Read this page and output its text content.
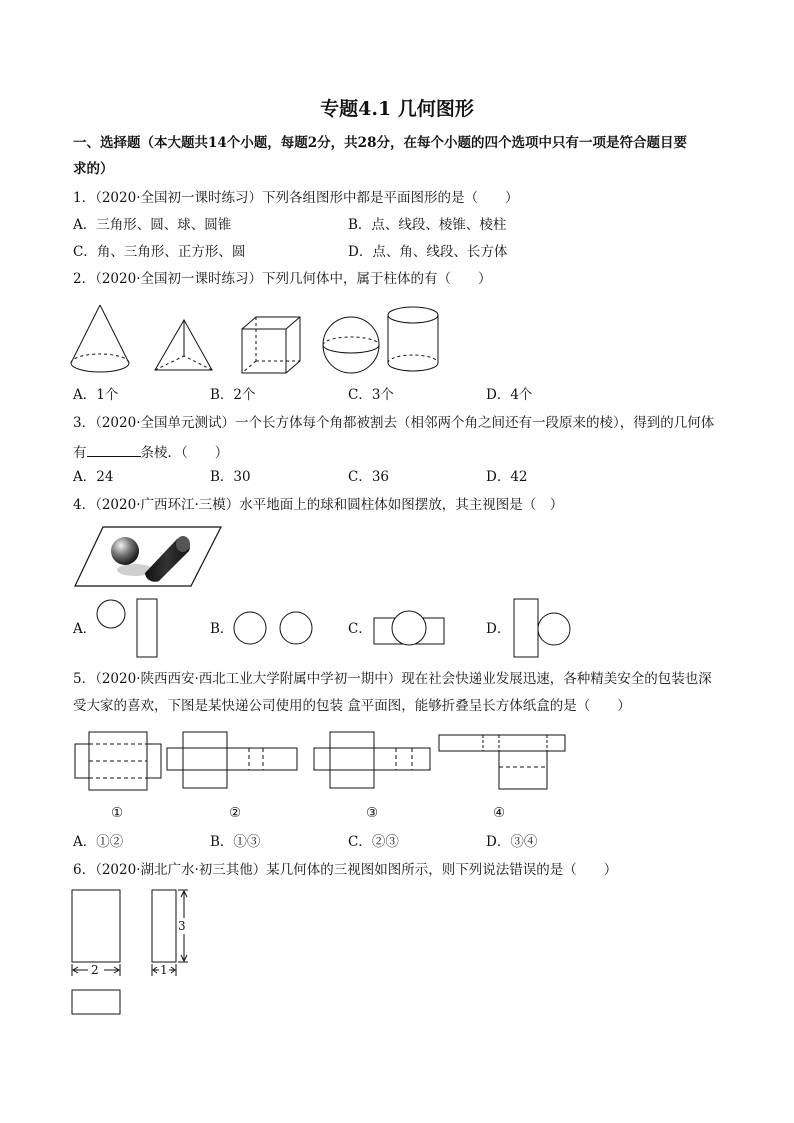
专题4.1 几何图形
一、选择题（本大题共14个小题，每题2分，共28分，在每个小题的四个选项中只有一项是符合题目要
求的）
1．（2020·全国初一课时练习）下列各组图形中都是平面图形的是（　　）
A．三角形、圆、球、圆锥	B．点、线段、棱锥、棱柱
C．角、三角形、正方形、圆	D．点、角、线段、长方体
2．（2020·全国初一课时练习）下列几何体中，属于柱体的有（　　）
A．1个	B．2个	C．3个	D．4个
3．（2020·全国单元测试）一个长方体每个角都被割去（相邻两个角之间还有一段原来的棱），得到的几何体
有	条棱．（　　）
A．24	B．30	C．36	D．42
4．（2020·广西环江·三模）水平地面上的球和圆柱体如图摆放，其主视图是（　）
A．	B．	C．	D．
5．（2020·陕西西安·西北工业大学附属中学初一期中）现在社会快递业发展迅速，各种精美安全的包装也深
受大家的喜欢，下图是某快递公司使用的包装 盒平面图，能够折叠呈长方体纸盒的是（　　）
①	②	③	④
A．①②	B．①③	C．②③	D．③④
6．（2020·湖北广水·初三其他）某几何体的三视图如图所示，则下列说法错误的是（　　）
2	1
3
